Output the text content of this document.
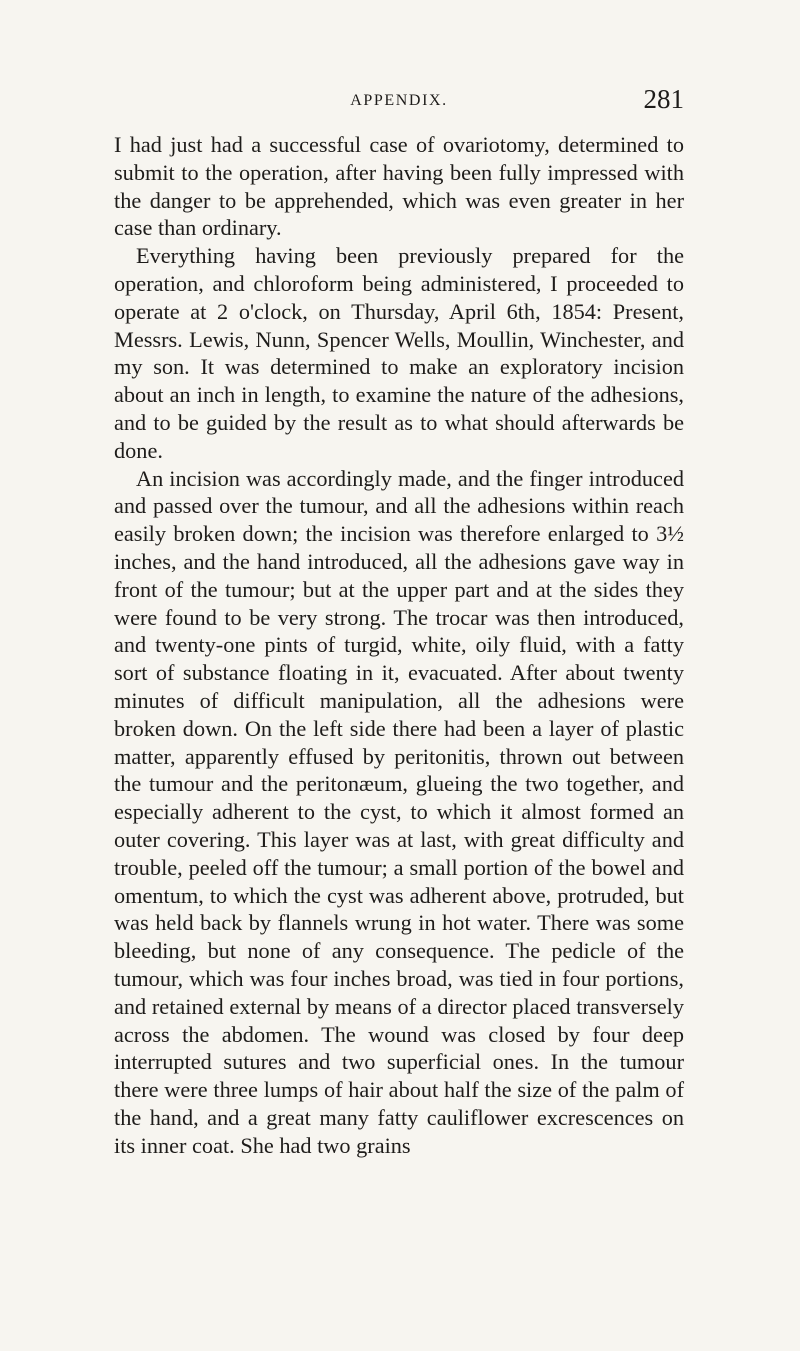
APPENDIX.	281

I had just had a successful case of ovariotomy, determined to submit to the operation, after having been fully impressed with the danger to be apprehended, which was even greater in her case than ordinary.

Everything having been previously prepared for the operation, and chloroform being administered, I proceeded to operate at 2 o'clock, on Thursday, April 6th, 1854: Present, Messrs. Lewis, Nunn, Spencer Wells, Moullin, Winchester, and my son. It was determined to make an exploratory incision about an inch in length, to examine the nature of the adhesions, and to be guided by the result as to what should afterwards be done.

An incision was accordingly made, and the finger introduced and passed over the tumour, and all the adhesions within reach easily broken down; the incision was therefore enlarged to 3½ inches, and the hand introduced, all the adhesions gave way in front of the tumour; but at the upper part and at the sides they were found to be very strong. The trocar was then introduced, and twenty-one pints of turgid, white, oily fluid, with a fatty sort of substance floating in it, evacuated. After about twenty minutes of difficult manipulation, all the adhesions were broken down. On the left side there had been a layer of plastic matter, apparently effused by peritonitis, thrown out between the tumour and the peritonæum, glueing the two together, and especially adherent to the cyst, to which it almost formed an outer covering. This layer was at last, with great difficulty and trouble, peeled off the tumour; a small portion of the bowel and omentum, to which the cyst was adherent above, protruded, but was held back by flannels wrung in hot water. There was some bleeding, but none of any consequence. The pedicle of the tumour, which was four inches broad, was tied in four portions, and retained external by means of a director placed transversely across the abdomen. The wound was closed by four deep interrupted sutures and two superficial ones. In the tumour there were three lumps of hair about half the size of the palm of the hand, and a great many fatty cauliflower excrescences on its inner coat. She had two grains
